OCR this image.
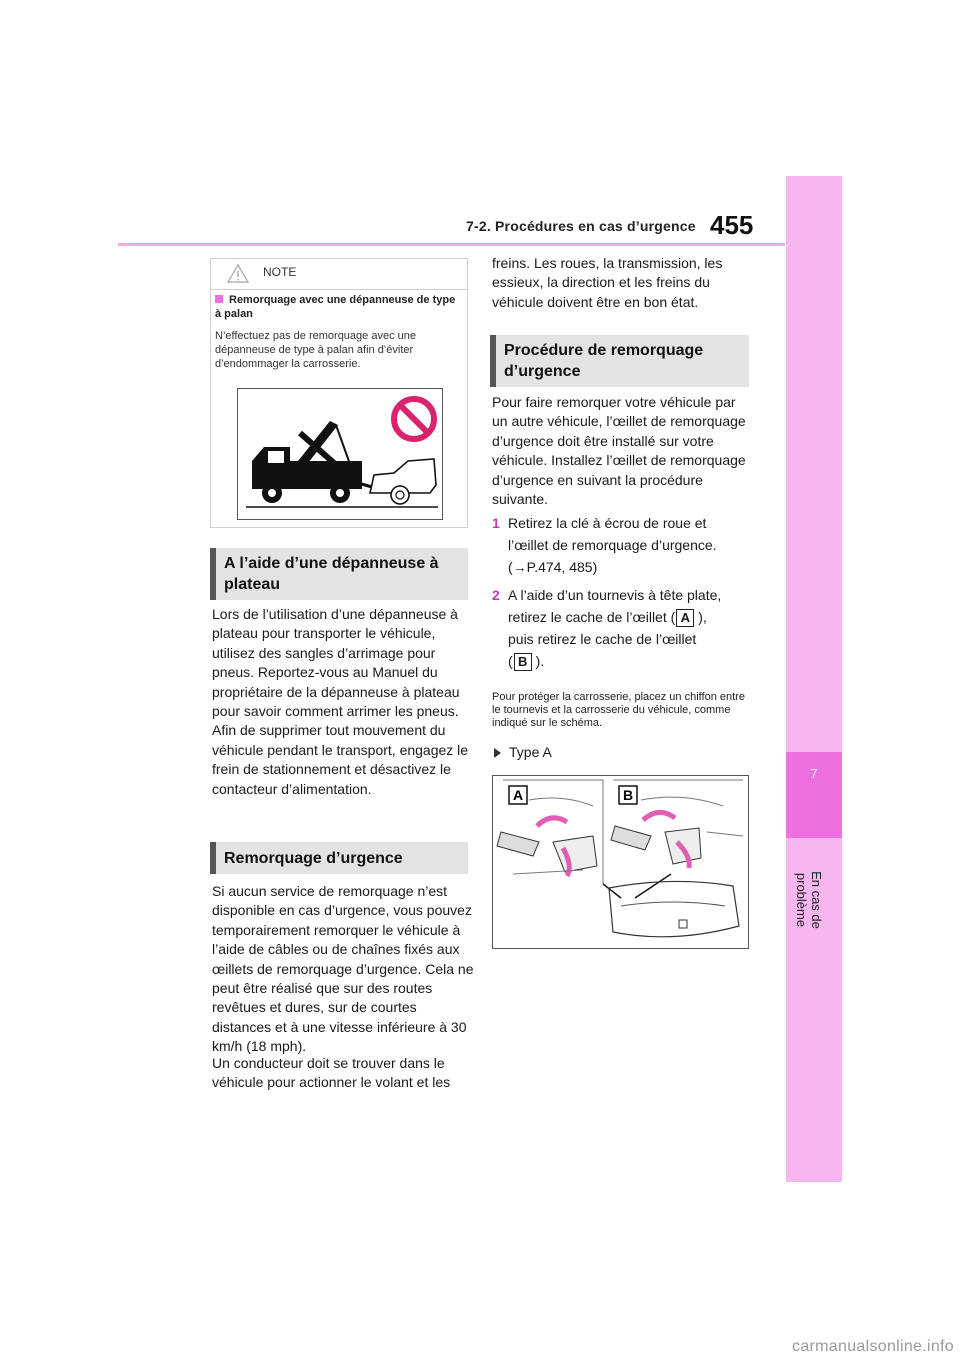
7-2. Procédures en cas d’urgence 455
7
En cas de problème
NOTE
Remorquage avec une dépanneuse de type à palan
N’effectuez pas de remorquage avec une dépanneuse de type à palan afin d’éviter d’endommager la carrosserie.
A l’aide d’une dépanneuse à plateau
Lors de l’utilisation d’une dépanneuse à plateau pour transporter le véhicule, utilisez des sangles d’arrimage pour pneus. Reportez-vous au Manuel du propriétaire de la dépanneuse à plateau pour savoir comment arrimer les pneus. Afin de supprimer tout mouvement du véhicule pendant le transport, engagez le frein de stationnement et désactivez le contacteur d’alimentation.
Remorquage d’urgence
Si aucun service de remorquage n’est disponible en cas d’urgence, vous pouvez temporairement remorquer le véhicule à l’aide de câbles ou de chaînes fixés aux œillets de remorquage d’urgence. Cela ne peut être réalisé que sur des routes revêtues et dures, sur de courtes distances et à une vitesse inférieure à 30 km/h (18 mph).
Un conducteur doit se trouver dans le véhicule pour actionner le volant et les
freins. Les roues, la transmission, les essieux, la direction et les freins du véhicule doivent être en bon état.
Procédure de remorquage d’urgence
Pour faire remorquer votre véhicule par un autre véhicule, l’œillet de remorquage d’urgence doit être installé sur votre véhicule. Installez l’œillet de remorquage d’urgence en suivant la procédure suivante.
1 Retirez la clé à écrou de roue et
l’œillet de remorquage d’urgence.
(→P.474, 485)
2 A l’aide d’un tournevis à tête plate,
retirez le cache de l’œillet ( A ),
puis retirez le cache de l’œillet
( B ).
Pour protéger la carrosserie, placez un chiffon entre le tournevis et la carrosserie du véhicule, comme indiqué sur le schéma.
Type A
A	B
carmanualsonline.info
